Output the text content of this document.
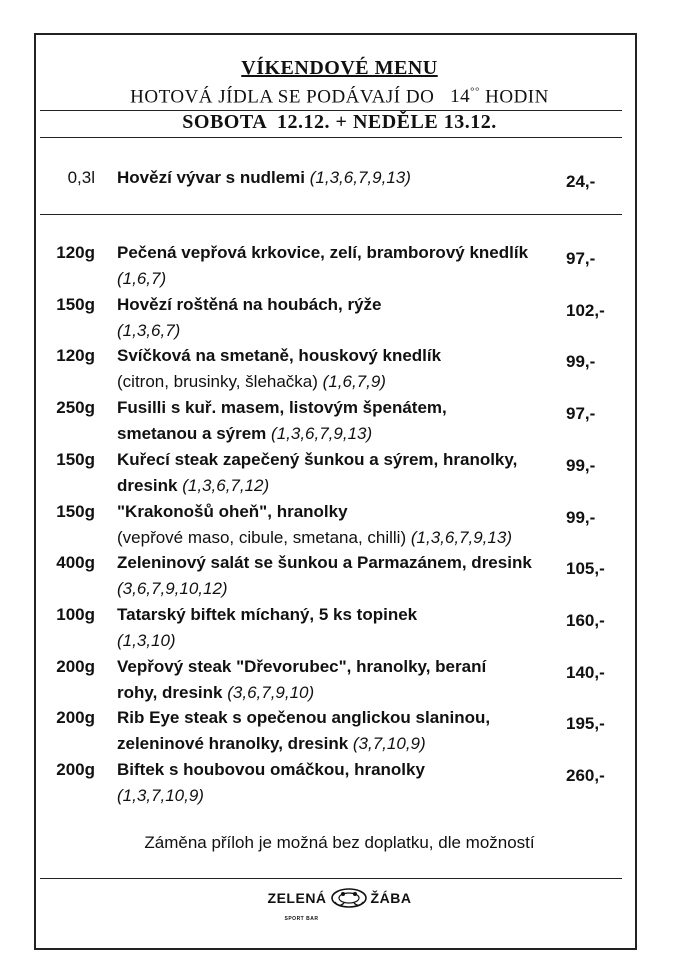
VÍKENDOVÉ MENU
HOTOVÁ JÍDLA SE PODÁVAJÍ DO 14°° HODIN
SOBOTA  12.12. + NEDĚLE 13.12.
0,3l Hovězí vývar s nudlemi (1,3,6,7,9,13)	24,-
120g Pečená vepřová krkovice, zelí, bramborový knedlík
(1,6,7)
97,-
150g Hovězí roštěná na houbách, rýže
(1,3,6,7)
102,-
120g Svíčková na smetaně, houskový knedlík
(citron, brusinky, šlehačka) (1,6,7,9)
99,-
250g Fusilli s kuř. masem, listovým špenátem,
smetanou a sýrem (1,3,6,7,9,13)
97,-
150g Kuřecí steak zapečený šunkou a sýrem, hranolky,
dresink (1,3,6,7,12)
99,-
150g "Krakonošů oheň", hranolky
(vepřové maso, cibule, smetana, chilli) (1,3,6,7,9,13)
99,-
400g Zeleninový salát se šunkou a Parmazánem, dresink
(3,6,7,9,10,12)
105,-
100g Tatarský biftek míchaný, 5 ks topinek
(1,3,10)
160,-
200g Vepřový steak "Dřevorubec", hranolky, beraní
rohy, dresink (3,6,7,9,10)
140,-
200g Rib Eye steak s opečenou anglickou slaninou,
zeleninové hranolky, dresink (3,7,10,9)
195,-
200g Biftek s houbovou omáčkou, hranolky
(1,3,7,10,9)
260,-
Záměna příloh je možná bez doplatku, dle možností
ZELENÁ	ŽÁBA
SPORT BAR
